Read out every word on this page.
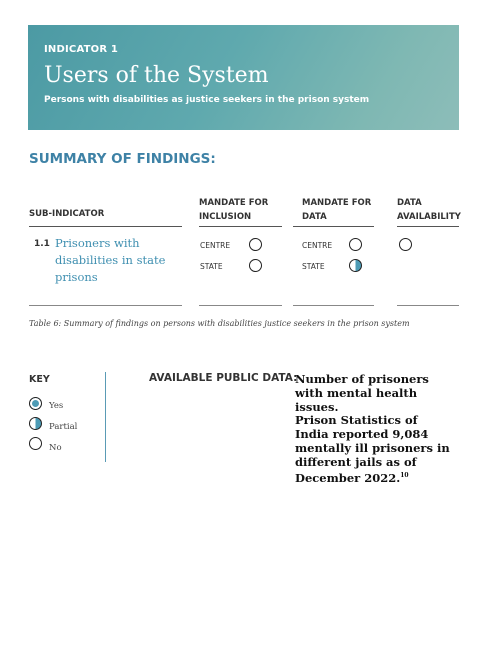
INDICATOR 1
Users of the System
Persons with disabilities as justice seekers in the prison system
SUMMARY OF FINDINGS:
SUB-INDICATOR
MANDATE FOR
INCLUSION
MANDATE FOR
DATA
DATA
AVAILABILITY
1.1 Prisoners with disabilities in state prisons
CENTRE
STATE
CENTRE
STATE
Table 6: Summary of findings on persons with disabilities justice seekers in the prison system
KEY
Yes
Partial
No
AVAILABLE PUBLIC DATA:
Number of prisoners with mental health issues.
Prison Statistics of India reported 9,084 mentally ill prisoners in different jails as of December 2022.10
